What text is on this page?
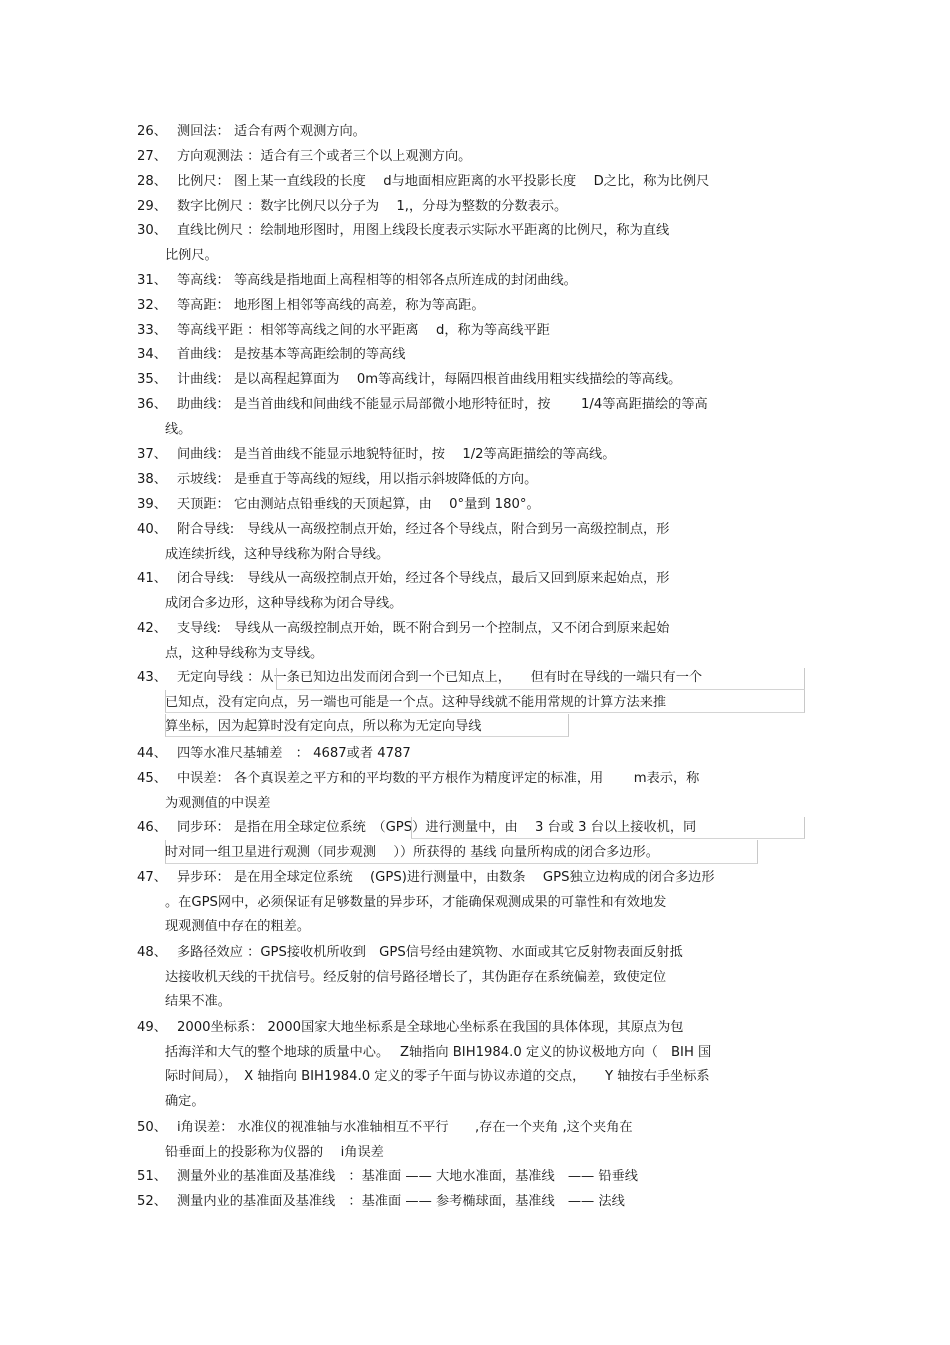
26、 测回法： 适合有两个观测方向。
27、 方向观测法 ：适合有三个或者三个以上观测方向。
28、 比例尺： 图上某一直线段的长度　 d与地面相应距离的水平投影长度　 D之比，称为比例尺
29、 数字比例尺 ：数字比例尺以分子为　 1,，分母为整数的分数表示。
30、 直线比例尺 ：绘制地形图时，用图上线段长度表示实际水平距离的比例尺，称为直线
比例尺。
31、 等高线： 等高线是指地面上高程相等的相邻各点所连成的封闭曲线。
32、 等高距： 地形图上相邻等高线的高差，称为等高距。
33、 等高线平距 ：相邻等高线之间的水平距离　 d，称为等高线平距
34、 首曲线： 是按基本等高距绘制的等高线
35、 计曲线： 是以高程起算面为　 0m等高线计，每隔四根首曲线用粗实线描绘的等高线。
36、 助曲线： 是当首曲线和间曲线不能显示局部微小地形特征时，按　　 1/4等高距描绘的等高
线。
37、 间曲线： 是当首曲线不能显示地貌特征时，按　 1/2等高距描绘的等高线。
38、 示坡线： 是垂直于等高线的短线，用以指示斜坡降低的方向。
39、 天顶距： 它由测站点铅垂线的天顶起算，由　 0°量到 180°。
40、 附合导线:　导线从一高级控制点开始，经过各个导线点，附合到另一高级控制点，形
成连续折线，这种导线称为附合导线。
41、 闭合导线:　导线从一高级控制点开始，经过各个导线点，最后又回到原来起始点，形
成闭合多边形，这种导线称为闭合导线。
42、 支导线:　导线从一高级控制点开始，既不附合到另一个控制点，又不闭合到原来起始
点，这种导线称为支导线。
43、 无定向导线 ：从一条已知边出发而闭合到一个已知点上，　　但有时在导线的一端只有一个
已知点，没有定向点，另一端也可能是一个点。这种导线就不能用常规的计算方法来推
算坐标，因为起算时没有定向点，所以称为无定向导线
44、 四等水准尺基辅差　： 4687或者 4787
45、 中误差： 各个真误差之平方和的平均数的平方根作为精度评定的标准，用　　 m表示，称
为观测值的中误差
46、 同步环： 是指在用全球定位系统　（GPS）进行测量中，由　 3 台或 3 台以上接收机，同
时对同一组卫星进行观测（同步观测　 ））所获得的 基线 向量所构成的闭合多边形。
47、 异步环： 是在用全球定位系统　 (GPS)进行测量中，由数条　 GPS独立边构成的闭合多边形
。在GPS网中，必须保证有足够数量的异步环，才能确保观测成果的可靠性和有效地发
现观测值中存在的粗差。
48、 多路径效应 ：GPS接收机所收到　GPS信号经由建筑物、水面或其它反射物表面反射抵
达接收机天线的干扰信号。经反射的信号路径增长了，其伪距存在系统偏差，致使定位
结果不准。
49、 2000坐标系： 2000国家大地坐标系是全球地心坐标系在我国的具体体现，其原点为包
括海洋和大气的整个地球的质量中心。　 Z轴指向 BIH1984.0 定义的协议极地方向（　BIH 国
际时间局），　X 轴指向 BIH1984.0 定义的零子午面与协议赤道的交点，　　Y 轴按右手坐标系
确定。
50、 i角误差： 水准仪的视准轴与水准轴相互不平行　　,存在一个夹角 ,这个夹角在
铅垂面上的投影称为仪器的　 i角误差
51、 测量外业的基准面及基准线　：基准面 —— 大地水准面，基准线　—— 铅垂线
52、 测量内业的基准面及基准线　：基准面 —— 参考椭球面，基准线　—— 法线
